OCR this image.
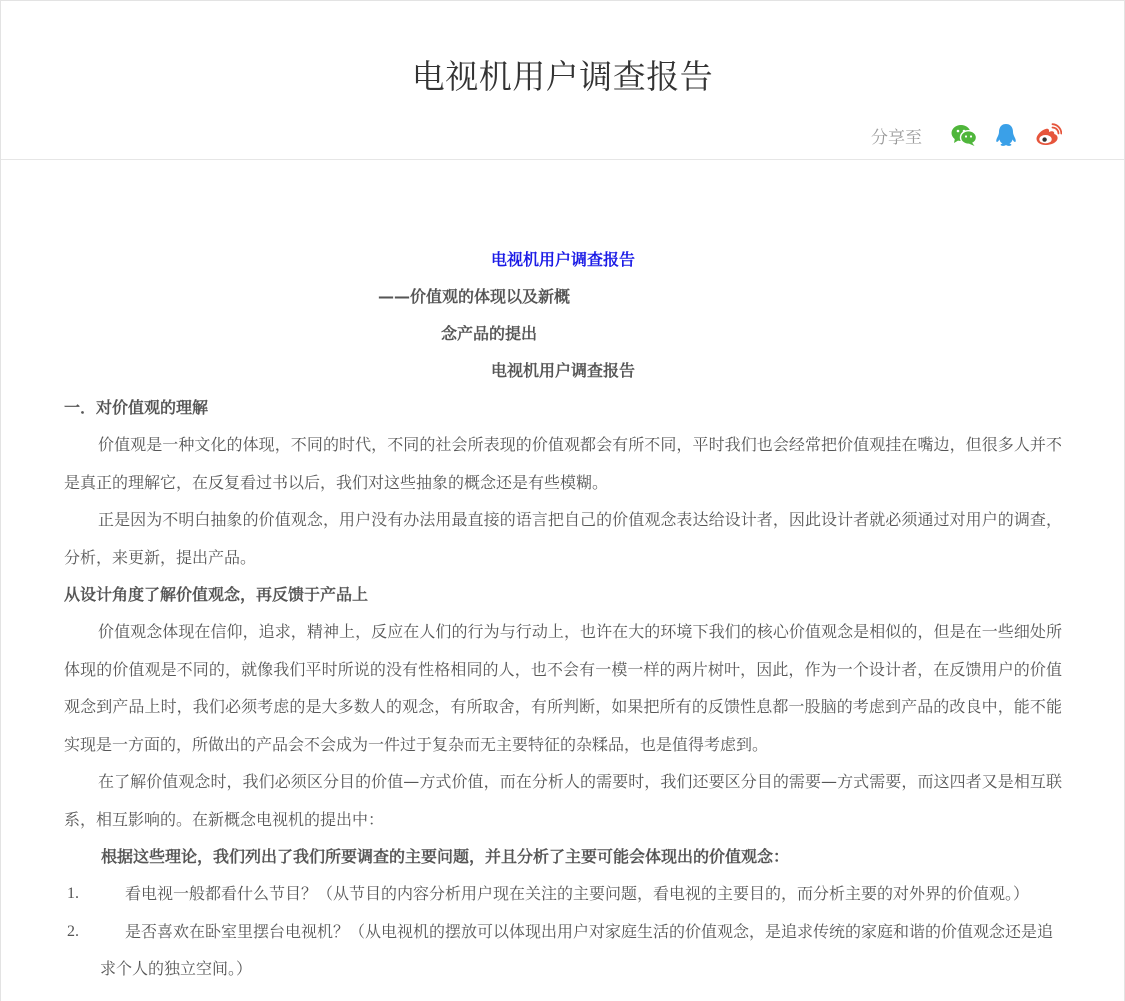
电视机用户调查报告
分享至
电视机用户调查报告
——价值观的体现以及新概
念产品的提出
电视机用户调查报告
一．对价值观的理解
价值观是一种文化的体现，不同的时代，不同的社会所表现的价值观都会有所不同，平时我们也会经常把价值观挂在嘴边，但很多人并不是真正的理解它，在反复看过书以后，我们对这些抽象的概念还是有些模糊。
正是因为不明白抽象的价值观念，用户没有办法用最直接的语言把自己的价值观念表达给设计者，因此设计者就必须通过对用户的调查，分析，来更新，提出产品。
从设计角度了解价值观念，再反馈于产品上
价值观念体现在信仰，追求，精神上，反应在人们的行为与行动上，也许在大的环境下我们的核心价值观念是相似的，但是在一些细处所体现的价值观是不同的，就像我们平时所说的没有性格相同的人，也不会有一模一样的两片树叶，因此，作为一个设计者，在反馈用户的价值观念到产品上时，我们必须考虑的是大多数人的观念，有所取舍，有所判断，如果把所有的反馈性息都一股脑的考虑到产品的改良中，能不能实现是一方面的，所做出的产品会不会成为一件过于复杂而无主要特征的杂糅品，也是值得考虑到。
在了解价值观念时，我们必须区分目的价值—方式价值，而在分析人的需要时，我们还要区分目的需要—方式需要，而这四者又是相互联系，相互影响的。在新概念电视机的提出中：
根据这些理论，我们列出了我们所要调查的主要问题，并且分析了主要可能会体现出的价值观念：
1.	看电视一般都看什么节目？（从节目的内容分析用户现在关注的主要问题，看电视的主要目的，而分析主要的对外界的价值观。）
2.	是否喜欢在卧室里摆台电视机？（从电视机的摆放可以体现出用户对家庭生活的价值观念，是追求传统的家庭和谐的价值观念还是追求个人的独立空间。）
